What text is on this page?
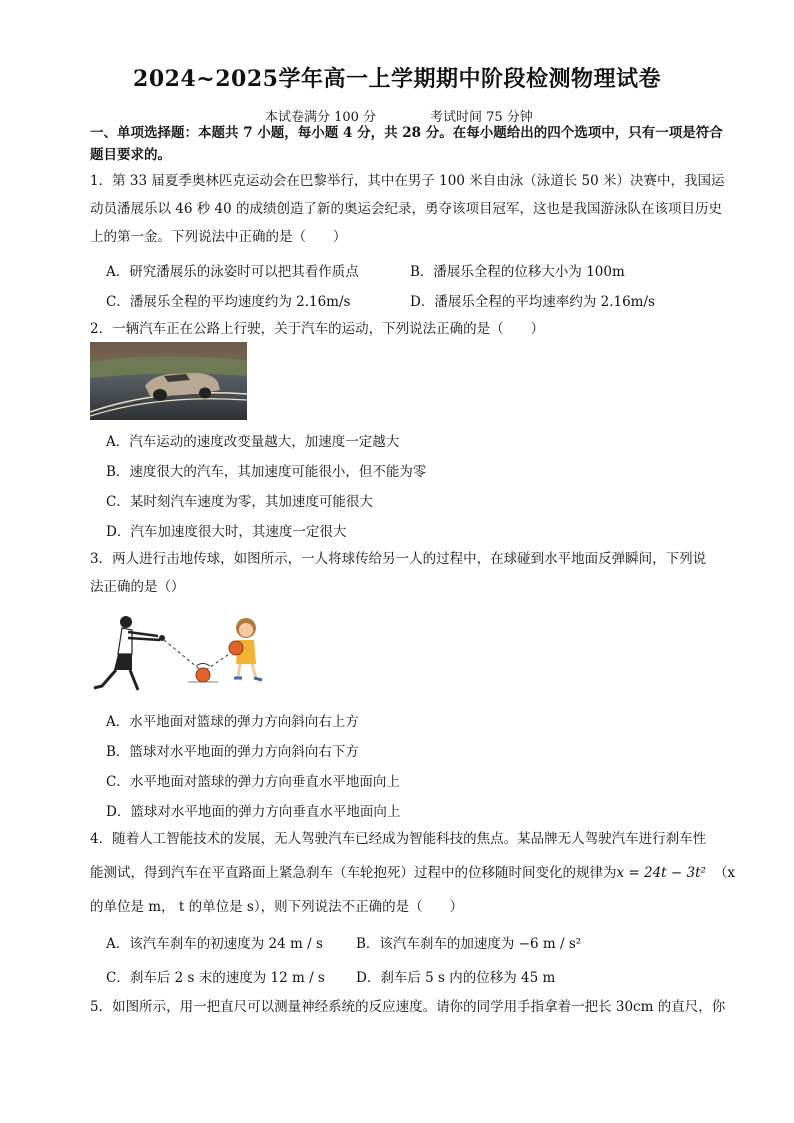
2024~2025学年高一上学期期中阶段检测物理试卷
本试卷满分 100 分	考试时间 75 分钟
一、单项选择题：本题共 7 小题，每小题 4 分，共 28 分。在每小题给出的四个选项中，只有一项是符合
题目要求的。
1．第 33 届夏季奥林匹克运动会在巴黎举行，其中在男子 100 米自由泳（泳道长 50 米）决赛中，我国运
动员潘展乐以 46 秒 40 的成绩创造了新的奥运会纪录，勇夺该项目冠军，这也是我国游泳队在该项目历史
上的第一金。下列说法中正确的是（　　）
A．研究潘展乐的泳姿时可以把其看作质点	B．潘展乐全程的位移大小为 100m
C．潘展乐全程的平均速度约为 2.16m/s	D．潘展乐全程的平均速率约为 2.16m/s
2．一辆汽车正在公路上行驶，关于汽车的运动，下列说法正确的是（　　）
A．汽车运动的速度改变量越大，加速度一定越大
B．速度很大的汽车，其加速度可能很小，但不能为零
C．某时刻汽车速度为零，其加速度可能很大
D．汽车加速度很大时，其速度一定很大
3．两人进行击地传球，如图所示，一人将球传给另一人的过程中，在球碰到水平地面反弹瞬间，下列说
法正确的是（）
A．水平地面对篮球的弹力方向斜向右上方
B．篮球对水平地面的弹力方向斜向右下方
C．水平地面对篮球的弹力方向垂直水平地面向上
D．篮球对水平地面的弹力方向垂直水平地面向上
4．随着人工智能技术的发展，无人驾驶汽车已经成为智能科技的焦点。某品牌无人驾驶汽车进行刹车性
能测试，得到汽车在平直路面上紧急刹车（车轮抱死）过程中的位移随时间变化的规律为x = 24t − 3t² （x
的单位是 m， t 的单位是 s），则下列说法不正确的是（　　）
A．该汽车刹车的初速度为 24 m / s B．该汽车刹车的加速度为 −6 m / s²
C．刹车后 2 s 末的速度为 12 m / s D．刹车后 5 s 内的位移为 45 m
5．如图所示，用一把直尺可以测量神经系统的反应速度。请你的同学用手指拿着一把长 30cm 的直尺，你
